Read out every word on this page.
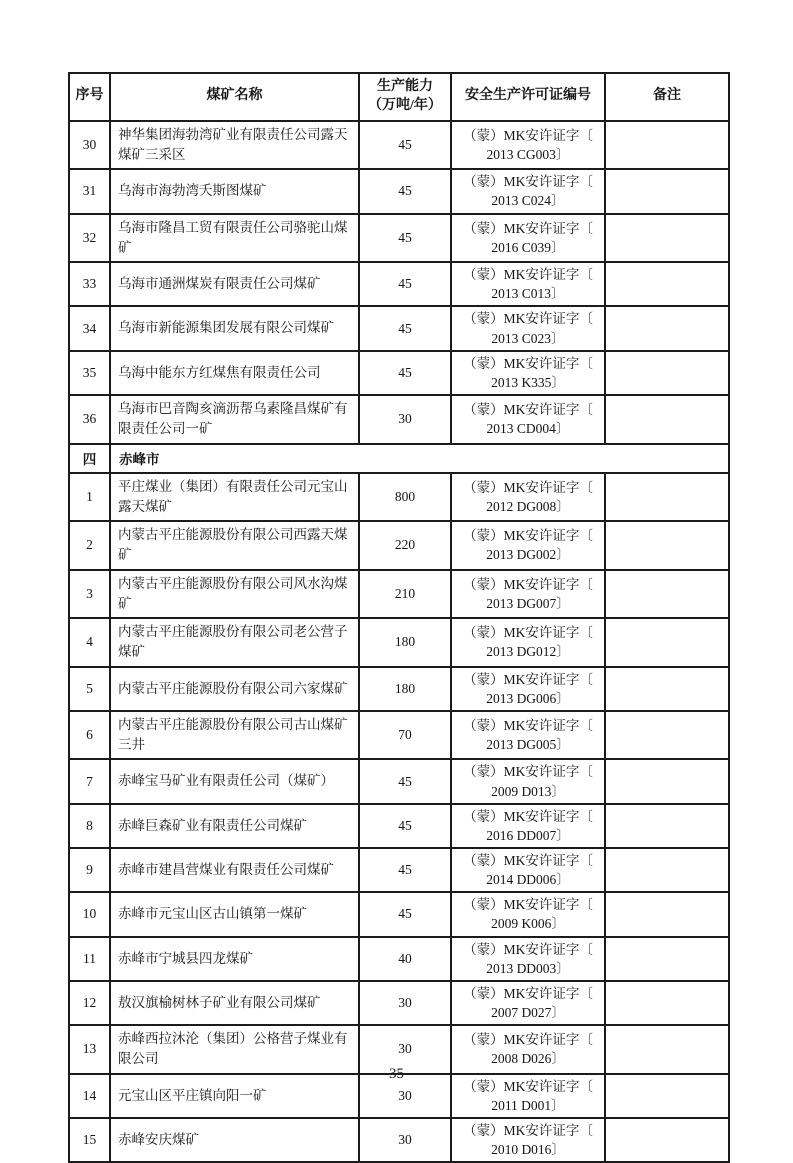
序号	煤矿名称	生产能力
（万吨/年）	安全生产许可证编号	备注
30	神华集团海勃湾矿业有限责任公司露天煤矿三采区	45	（蒙）MK安许证字〔
2013 CG003〕	
31	乌海市海勃湾夭斯图煤矿	45	（蒙）MK安许证字〔
2013 C024〕	
32	乌海市隆昌工贸有限责任公司骆驼山煤矿	45	（蒙）MK安许证字〔
2016 C039〕	
33	乌海市通洲煤炭有限责任公司煤矿	45	（蒙）MK安许证字〔
2013 C013〕	
34	乌海市新能源集团发展有限公司煤矿	45	（蒙）MK安许证字〔
2013 C023〕	
35	乌海中能东方红煤焦有限责任公司	45	（蒙）MK安许证字〔
2013 K335〕	
36	乌海市巴音陶亥滴沥帮乌素隆昌煤矿有限责任公司一矿	30	（蒙）MK安许证字〔
2013 CD004〕	
四	赤峰市			
1	平庄煤业（集团）有限责任公司元宝山露天煤矿	800	（蒙）MK安许证字〔
2012 DG008〕	
2	内蒙古平庄能源股份有限公司西露天煤矿	220	（蒙）MK安许证字〔
2013 DG002〕	
3	内蒙古平庄能源股份有限公司风水沟煤矿	210	（蒙）MK安许证字〔
2013 DG007〕	
4	内蒙古平庄能源股份有限公司老公营子煤矿	180	（蒙）MK安许证字〔
2013 DG012〕	
5	内蒙古平庄能源股份有限公司六家煤矿	180	（蒙）MK安许证字〔
2013 DG006〕	
6	内蒙古平庄能源股份有限公司古山煤矿三井	70	（蒙）MK安许证字〔
2013 DG005〕	
7	赤峰宝马矿业有限责任公司（煤矿）	45	（蒙）MK安许证字〔
2009 D013〕	
8	赤峰巨森矿业有限责任公司煤矿	45	（蒙）MK安许证字〔
2016 DD007〕	
9	赤峰市建昌营煤业有限责任公司煤矿	45	（蒙）MK安许证字〔
2014 DD006〕	
10	赤峰市元宝山区古山镇第一煤矿	45	（蒙）MK安许证字〔
2009 K006〕	
11	赤峰市宁城县四龙煤矿	40	（蒙）MK安许证字〔
2013 DD003〕	
12	敖汉旗榆树林子矿业有限公司煤矿	30	（蒙）MK安许证字〔
2007 D027〕	
13	赤峰西拉沐沦（集团）公格营子煤业有限公司	30	（蒙）MK安许证字〔
2008 D026〕	
14	元宝山区平庄镇向阳一矿	30	（蒙）MK安许证字〔
2011 D001〕	
15	赤峰安庆煤矿	30	（蒙）MK安许证字〔
2010 D016〕	
35
